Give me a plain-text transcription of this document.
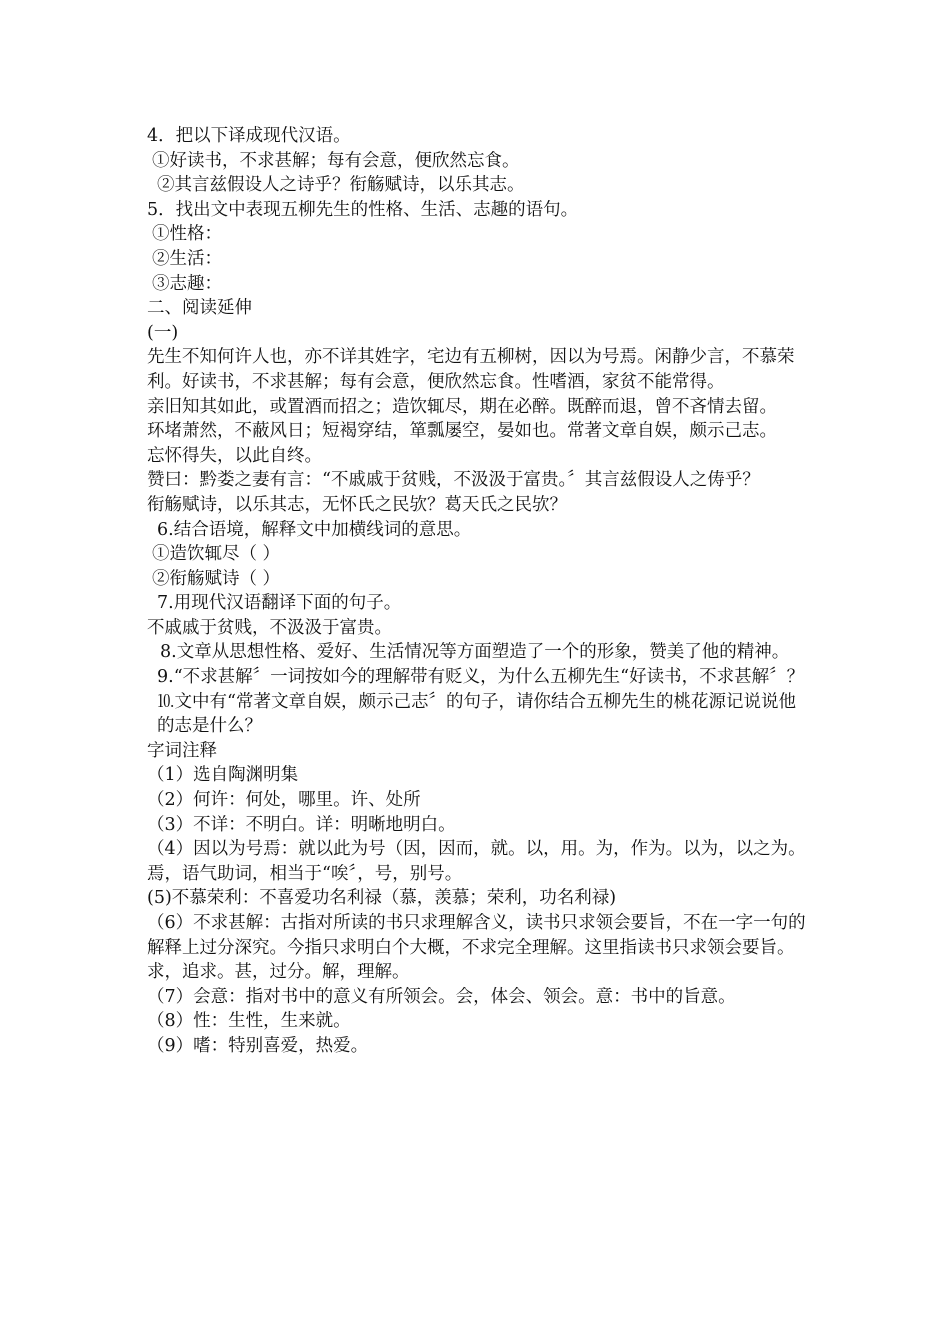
4．把以下译成现代汉语。
①好读书，不求甚解；每有会意，便欣然忘食。
②其言兹假设人之诗乎？衔觞赋诗，以乐其志。
5．找出文中表现五柳先生的性格、生活、志趣的语句。
①性格：
②生活：
③志趣：
二、阅读延伸
(一)
先生不知何许人也，亦不详其姓字，宅边有五柳树，因以为号焉。闲静少言，不慕荣利。好读书，不求甚解；每有会意，便欣然忘食。性嗜酒，家贫不能常得。
亲旧知其如此，或置酒而招之；造饮辄尽，期在必醉。既醉而退，曾不吝情去留。
环堵萧然，不蔽风日；短褐穿结，箪瓢屡空，晏如也。常著文章自娱，颇示己志。
忘怀得失，以此自终。
赞曰：黔娄之妻有言：“不戚戚于贫贱，不汲汲于富贵。〞其言兹假设人之俦乎？
衔觞赋诗，以乐其志，无怀氏之民欤？葛天氏之民欤？
6.结合语境，解释文中加横线词的意思。
①造饮辄尽（ ）
②衔觞赋诗（ ）
7.用现代汉语翻译下面的句子。
不戚戚于贫贱，不汲汲于富贵。
8.文章从思想性格、爱好、生活情况等方面塑造了一个的形象，赞美了他的精神。
9.“不求甚解〞一词按如今的理解带有贬义，为什么五柳先生“好读书，不求甚解〞？
⒑文中有“常著文章自娱，颇示己志〞的句子，请你结合五柳先生的桃花源记说说他的志是什么？
字词注释
（1）选自陶渊明集
（2）何许：何处，哪里。许、处所
（3）不详：不明白。详：明晰地明白。
（4）因以为号焉：就以此为号（因，因而，就。以，用。为，作为。以为，以之为。焉，语气助词，相当于“唉〞，号，别号。
(5)不慕荣利：不喜爱功名利禄（慕，羡慕；荣利，功名利禄)
（6）不求甚解：古指对所读的书只求理解含义，读书只求领会要旨，不在一字一句的解释上过分深究。今指只求明白个大概，不求完全理解。这里指读书只求领会要旨。求，追求。甚，过分。解，理解。
（7）会意：指对书中的意义有所领会。会，体会、领会。意：书中的旨意。
（8）性：生性，生来就。
（9）嗜：特别喜爱，热爱。
